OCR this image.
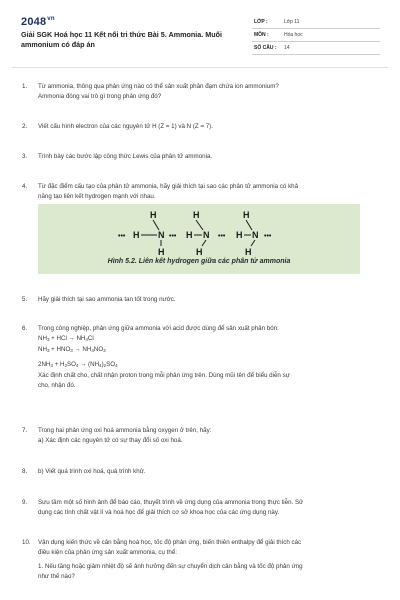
$2048^{vn}$
Giải SGK Hoá học 11 Kết nối tri thức Bài 5. Ammonia. Muối ammonium có đáp án
LỚP :	Lớp 11
MÔN :	Hóa học
SỐ CÂU : 14
1.	Từ ammonia, thông qua phản ứng nào có thể sản xuất phân đạm chứa ion ammonium?

Ammonia đóng vai trò gì trong phản ứng đó?

2.	Viết cấu hình electron của các nguyên tử H (Z = 1) và N (Z = 7).

3.	Trình bày các bước lập công thức Lewis của phân tử ammonia.

4.	Từ đặc điểm cấu tạo của phân tử ammonia, hãy giải thích tại sao các phân tử ammonia có khả

năng tạo liên kết hydrogen mạnh với nhau.

H
N
H
•••
H
•••
H
H N
H
•••
H
H N
H
•••
Hình 5.2. Liên kết hydrogen giữa các phân tử ammonia
5.	Hãy giải thích tại sao ammonia tan tốt trong nước.

6.	Trong công nghiệp, phản ứng giữa ammonia với acid được dùng để sản xuất phân bón:

$NH_3$ + HCl → $NH_4Cl$

$NH_3 + HNO_3 \to NH_4NO_3$

$2NH_3 + H_2SO_4 \to (NH_4)_2SO_4$

Xác định chất cho, chất nhận proton trong mỗi phản ứng trên. Dùng mũi tên để biểu diễn sự

cho, nhận đó.

7.	Trong hai phản ứng oxi hoá ammonia bằng oxygen ở trên, hãy:

a) Xác định các nguyên tử có sự thay đổi số oxi hoá.

8.	b) Viết quá trình oxi hoá, quá trình khử.

9.	Sưu tầm một số hình ảnh để báo cáo, thuyết trình về ứng dụng của ammonia trong thực tiễn. Sử

dụng các tính chất vật lí và hoá học để giải thích cơ sở khoa học của các ứng dụng này.

10.	Vận dụng kiến thức về cân bằng hoá học, tốc độ phản ứng, biến thiên enthalpy để giải thích các

điều kiện của phản ứng sản xuất ammonia, cụ thể:

1. Nếu tăng hoặc giảm nhiệt độ sẽ ảnh hưởng đến sự chuyển dịch cân bằng và tốc độ phản ứng

như thế nào?
